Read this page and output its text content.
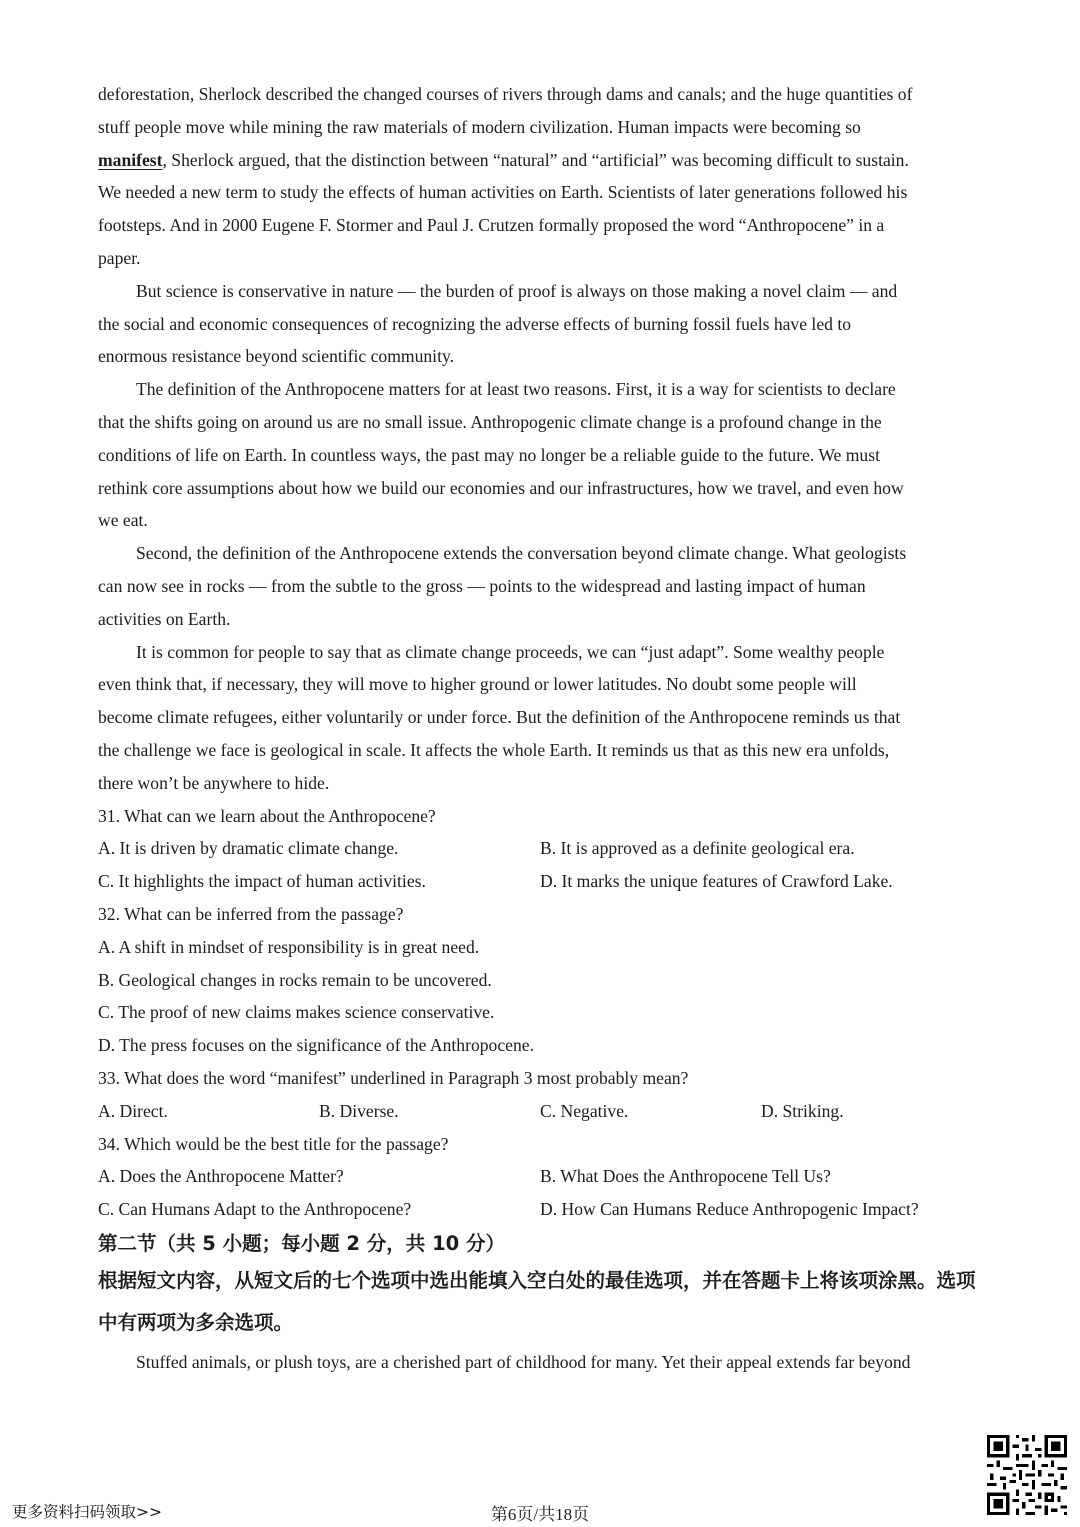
deforestation, Sherlock described the changed courses of rivers through dams and canals; and the huge quantities of
stuff people move while mining the raw materials of modern civilization. Human impacts were becoming so
manifest, Sherlock argued, that the distinction between “natural” and “artificial” was becoming difficult to sustain.
We needed a new term to study the effects of human activities on Earth. Scientists of later generations followed his
footsteps. And in 2000 Eugene F. Stormer and Paul J. Crutzen formally proposed the word “Anthropocene” in a
paper.
But science is conservative in nature — the burden of proof is always on those making a novel claim — and
the social and economic consequences of recognizing the adverse effects of burning fossil fuels have led to
enormous resistance beyond scientific community.
The definition of the Anthropocene matters for at least two reasons. First, it is a way for scientists to declare
that the shifts going on around us are no small issue. Anthropogenic climate change is a profound change in the
conditions of life on Earth. In countless ways, the past may no longer be a reliable guide to the future. We must
rethink core assumptions about how we build our economies and our infrastructures, how we travel, and even how
we eat.
Second, the definition of the Anthropocene extends the conversation beyond climate change. What geologists
can now see in rocks — from the subtle to the gross — points to the widespread and lasting impact of human
activities on Earth.
It is common for people to say that as climate change proceeds, we can “just adapt”. Some wealthy people
even think that, if necessary, they will move to higher ground or lower latitudes. No doubt some people will
become climate refugees, either voluntarily or under force. But the definition of the Anthropocene reminds us that
the challenge we face is geological in scale. It affects the whole Earth. It reminds us that as this new era unfolds,
there won’t be anywhere to hide.
31. What can we learn about the Anthropocene?
A. It is driven by dramatic climate change.	B. It is approved as a definite geological era.
C. It highlights the impact of human activities.	D. It marks the unique features of Crawford Lake.
32. What can be inferred from the passage?
A. A shift in mindset of responsibility is in great need.
B. Geological changes in rocks remain to be uncovered.
C. The proof of new claims makes science conservative.
D. The press focuses on the significance of the Anthropocene.
33. What does the word “manifest” underlined in Paragraph 3 most probably mean?
A. Direct.	B. Diverse.	C. Negative.	D. Striking.
34. Which would be the best title for the passage?
A. Does the Anthropocene Matter?	B. What Does the Anthropocene Tell Us?
C. Can Humans Adapt to the Anthropocene?	D. How Can Humans Reduce Anthropogenic Impact?
第二节（共 5 小题；每小题 2 分，共 10 分）
根据短文内容，从短文后的七个选项中选出能填入空白处的最佳选项，并在答题卡上将该项涂黑。选项中有两项为多余选项。
Stuffed animals, or plush toys, are a cherished part of childhood for many. Yet their appeal extends far beyond
更多资料扫码领取>>	第6页/共18页
